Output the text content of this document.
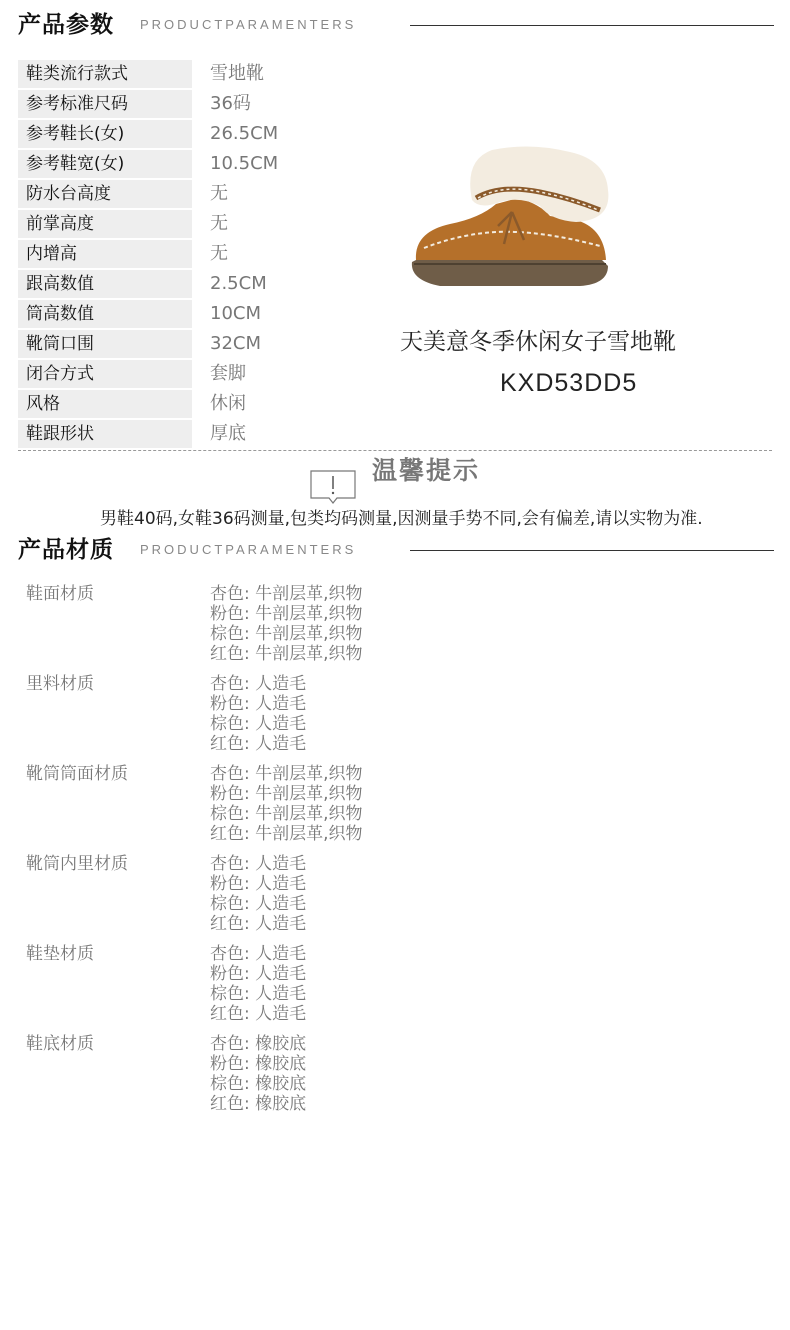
产品参数 PRODUCTPARAMENTERS
鞋类流行款式	雪地靴
参考标准尺码	36码
参考鞋长(女)	26.5CM
参考鞋宽(女)	10.5CM
防水台高度	无
前掌高度	无
内增高	无
跟高数值	2.5CM
筒高数值	10CM
靴筒口围	32CM
闭合方式	套脚
风格	休闲
鞋跟形状	厚底
天美意冬季休闲女子雪地靴
KXD53DD5
温馨提示
男鞋40码,女鞋36码测量,包类均码测量,因测量手势不同,会有偏差,请以实物为准.
产品材质 PRODUCTPARAMENTERS
鞋面材质	杏色: 牛剖层革,织物
粉色: 牛剖层革,织物
棕色: 牛剖层革,织物
红色: 牛剖层革,织物
里料材质	杏色: 人造毛
粉色: 人造毛
棕色: 人造毛
红色: 人造毛
靴筒筒面材质	杏色: 牛剖层革,织物
粉色: 牛剖层革,织物
棕色: 牛剖层革,织物
红色: 牛剖层革,织物
靴筒内里材质	杏色: 人造毛
粉色: 人造毛
棕色: 人造毛
红色: 人造毛
鞋垫材质	杏色: 人造毛
粉色: 人造毛
棕色: 人造毛
红色: 人造毛
鞋底材质	杏色: 橡胶底
粉色: 橡胶底
棕色: 橡胶底
红色: 橡胶底
